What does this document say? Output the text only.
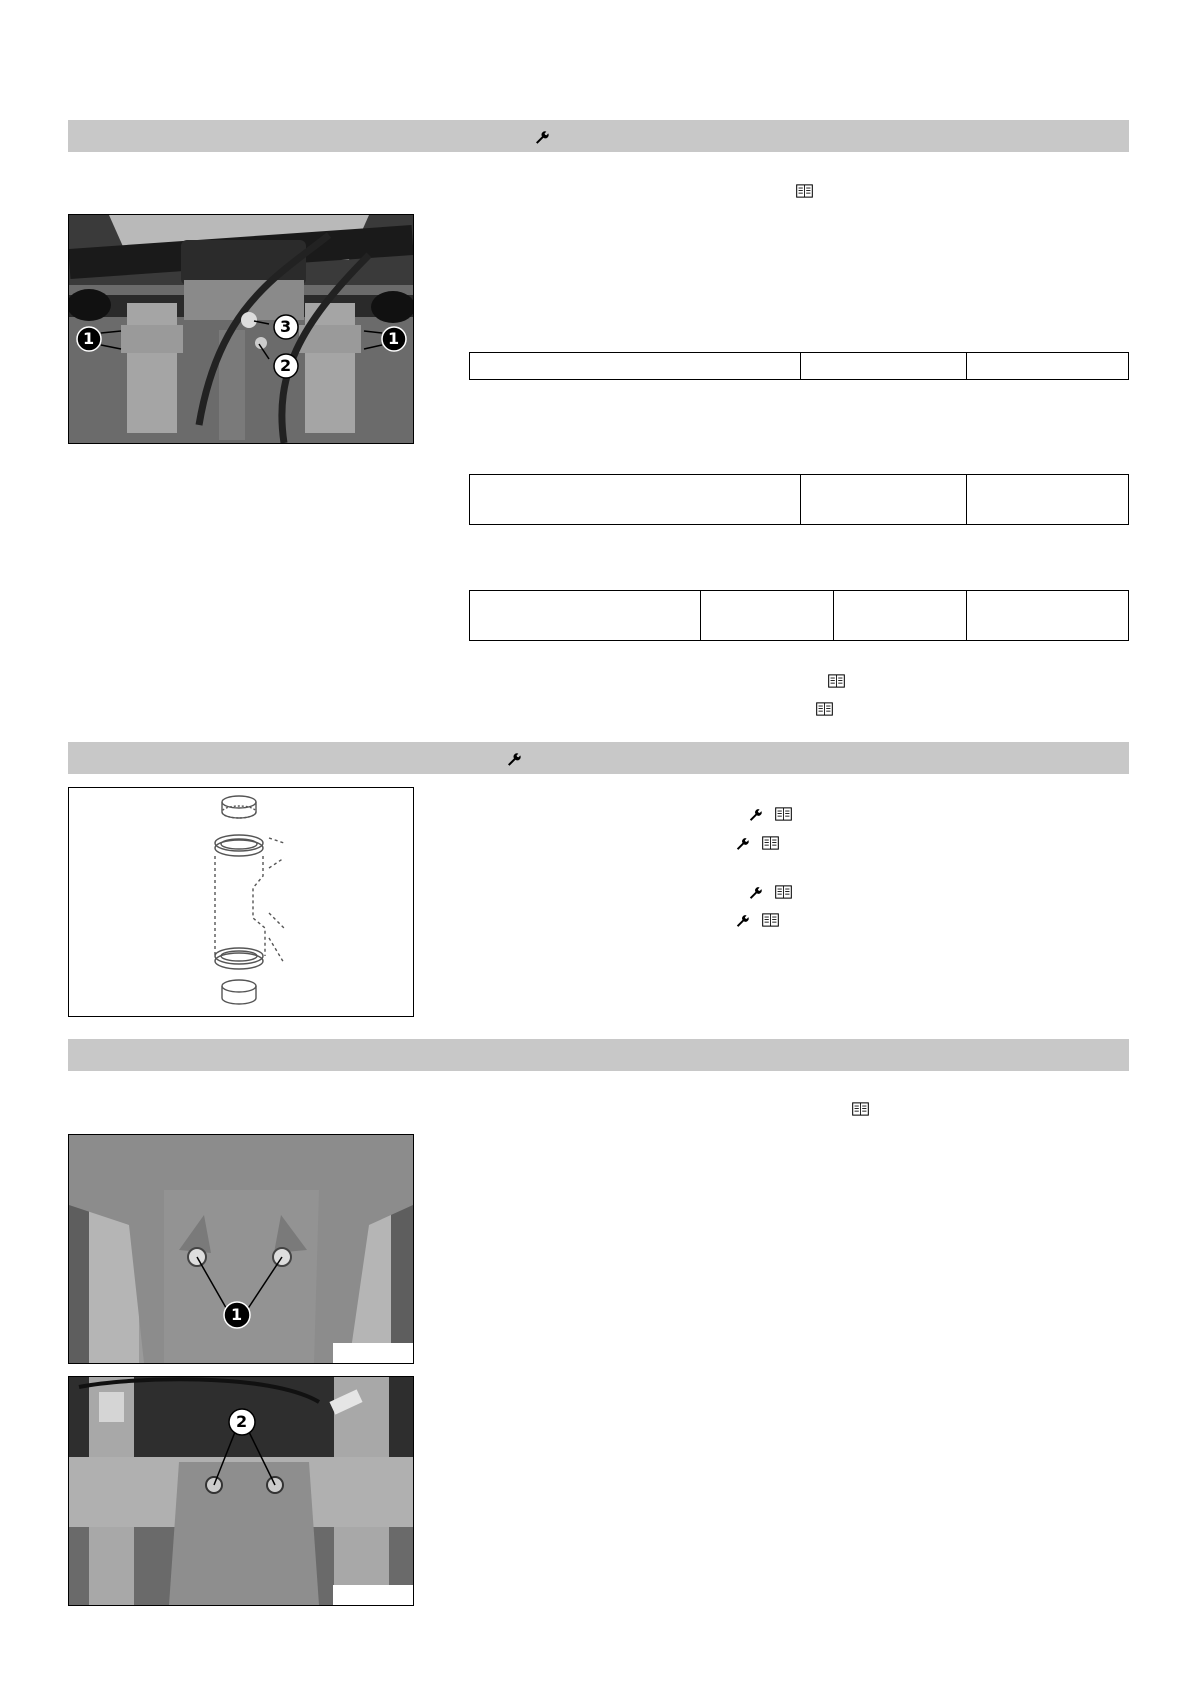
1	1
2
3

1
2
